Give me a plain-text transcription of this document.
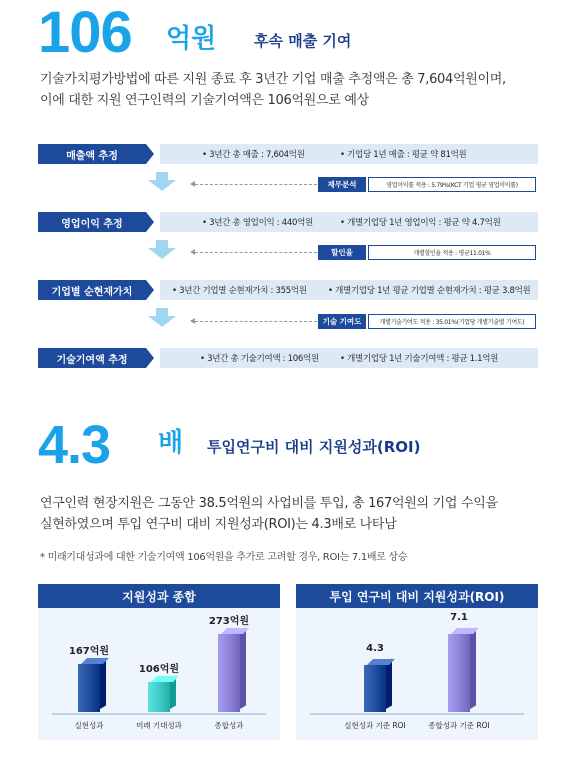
106 억원	후속 매출 기여
기술가치평가방법에 따른 지원 종료 후 3년간 기업 매출 추정액은 총 7,604억원이며,
이에 대한 지원 연구인력의 기술기여액은 106억원으로 예상
매출액 추정	• 3년간 총 매출 : 7,604억원	• 기업당 1년 매출 : 평균 약 81억원
재무분석	영업이익률 적용 : 5.79%(KCT 기업 평균 영업이익률)
영업이익 추정	• 3년간 총 영업이익 : 440억원	• 개별기업당 1년 영업이익 : 평균 약 4.7억원
할인율	개별할인율 적용 : 평균11.01%
기업별 순현재가치	• 3년간 기업별 순현재가치 : 355억원	• 개별기업당 1년 평균 기업별 순현재가치 : 평균 3.8억원
기술 기여도	개별기술기여도 적용 : 35.01%(기업당 개별기술별 기여도)
기술기여액 추정	• 3년간 총 기술기여액 : 106억원 • 개별기업당 1년 기술기여액 : 평균 1.1억원
4.3 배 투입연구비 대비 지원성과(ROI)
연구인력 현장지원은 그동안 38.5억원의 사업비를 투입, 총 167억원의 기업 수익을
실현하였으며 투입 연구비 대비 지원성과(ROI)는 4.3배로 나타남
* 미래기대성과에 대한 기술기여액 106억원을 추가로 고려할 경우, ROI는 7.1배로 상승
지원성과 종합
167억원
실현성과
106억원
미래 기대성과
273억원
종합성과
투입 연구비 대비 지원성과(ROI)
4.3
실현성과 기준 ROI
7.1
종합성과 기준 ROI
